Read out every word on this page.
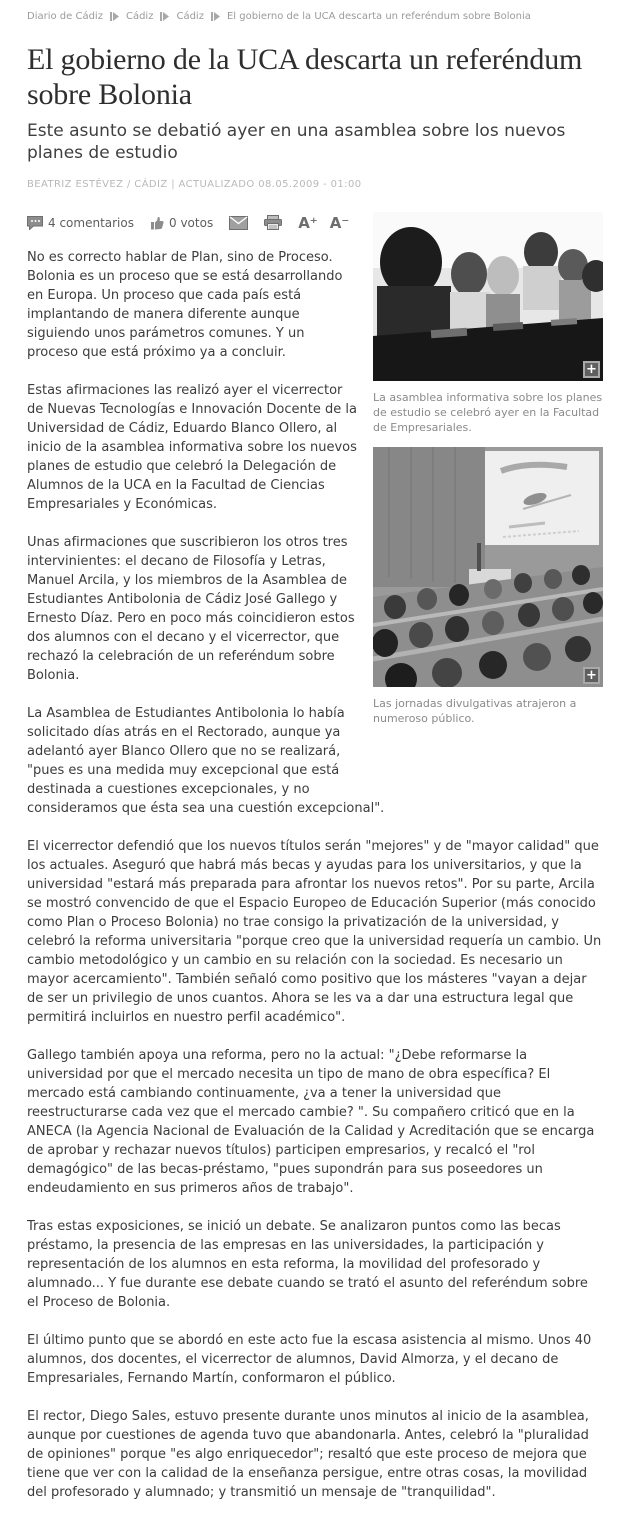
Diario de Cádiz Cádiz Cádiz El gobierno de la UCA descarta un referéndum sobre Bolonia
El gobierno de la UCA descarta un referéndum sobre Bolonia
Este asunto se debatió ayer en una asamblea sobre los nuevos planes de estudio
BEATRIZ ESTÉVEZ / CÁDIZ | ACTUALIZADO 08.05.2009 - 01:00
4 comentarios	0 votos	A⁺ A⁻
+
La asamblea informativa sobre los planes de estudio se celebró ayer en la Facultad de Empresariales.
+
Las jornadas divulgativas atrajeron a numeroso público.

No es correcto hablar de Plan, sino de Proceso. Bolonia es un proceso que se está desarrollando en Europa. Un proceso que cada país está implantando de manera diferente aunque siguiendo unos parámetros comunes. Y un proceso que está próximo ya a concluir.

Estas afirmaciones las realizó ayer el vicerrector de Nuevas Tecnologías e Innovación Docente de la Universidad de Cádiz, Eduardo Blanco Ollero, al inicio de la asamblea informativa sobre los nuevos planes de estudio que celebró la Delegación de Alumnos de la UCA en la Facultad de Ciencias Empresariales y Económicas.

Unas afirmaciones que suscribieron los otros tres intervinientes: el decano de Filosofía y Letras, Manuel Arcila, y los miembros de la Asamblea de Estudiantes Antibolonia de Cádiz José Gallego y Ernesto Díaz. Pero en poco más coincidieron estos dos alumnos con el decano y el vicerrector, que rechazó la celebración de un referéndum sobre Bolonia.

La Asamblea de Estudiantes Antibolonia lo había solicitado días atrás en el Rectorado, aunque ya adelantó ayer Blanco Ollero que no se realizará, "pues es una medida muy excepcional que está destinada a cuestiones excepcionales, y no consideramos que ésta sea una cuestión excepcional".

El vicerrector defendió que los nuevos títulos serán "mejores" y de "mayor calidad" que los actuales. Aseguró que habrá más becas y ayudas para los universitarios, y que la universidad "estará más preparada para afrontar los nuevos retos". Por su parte, Arcila se mostró convencido de que el Espacio Europeo de Educación Superior (más conocido como Plan o Proceso Bolonia) no trae consigo la privatización de la universidad, y celebró la reforma universitaria "porque creo que la universidad requería un cambio. Un cambio metodológico y un cambio en su relación con la sociedad. Es necesario un mayor acercamiento". También señaló como positivo que los másteres "vayan a dejar de ser un privilegio de unos cuantos. Ahora se les va a dar una estructura legal que permitirá incluirlos en nuestro perfil académico".

Gallego también apoya una reforma, pero no la actual: "¿Debe reformarse la universidad por que el mercado necesita un tipo de mano de obra específica? El mercado está cambiando continuamente, ¿va a tener la universidad que reestructurarse cada vez que el mercado cambie? ". Su compañero criticó que en la ANECA (la Agencia Nacional de Evaluación de la Calidad y Acreditación que se encarga de aprobar y rechazar nuevos títulos) participen empresarios, y recalcó el "rol demagógico" de las becas-préstamo, "pues supondrán para sus poseedores un endeudamiento en sus primeros años de trabajo".

Tras estas exposiciones, se inició un debate. Se analizaron puntos como las becas préstamo, la presencia de las empresas en las universidades, la participación y representación de los alumnos en esta reforma, la movilidad del profesorado y alumnado... Y fue durante ese debate cuando se trató el asunto del referéndum sobre el Proceso de Bolonia.

El último punto que se abordó en este acto fue la escasa asistencia al mismo. Unos 40 alumnos, dos docentes, el vicerrector de alumnos, David Almorza, y el decano de Empresariales, Fernando Martín, conformaron el público.

El rector, Diego Sales, estuvo presente durante unos minutos al inicio de la asamblea, aunque por cuestiones de agenda tuvo que abandonarla. Antes, celebró la "pluralidad de opiniones" porque "es algo enriquecedor"; resaltó que este proceso de mejora que tiene que ver con la calidad de la enseñanza persigue, entre otras cosas, la movilidad del profesorado y alumnado; y transmitió un mensaje de "tranquilidad".
